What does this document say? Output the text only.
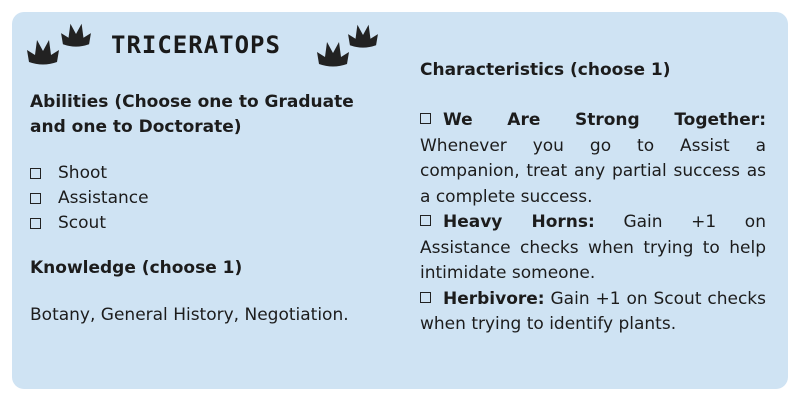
TRICERATOPS

Abilities (Choose one to Graduate
and one to Doctorate)

Shoot
Assistance
Scout

Knowledge (choose 1)

Botany, General History, Negotiation.

Characteristics (choose 1)

We Are Strong Together: Whenever you go to Assist a companion, treat any partial success as a complete success.

Heavy Horns: Gain +1 on Assistance checks when trying to help intimidate someone.

Herbivore: Gain +1 on Scout checks when trying to identify plants.
